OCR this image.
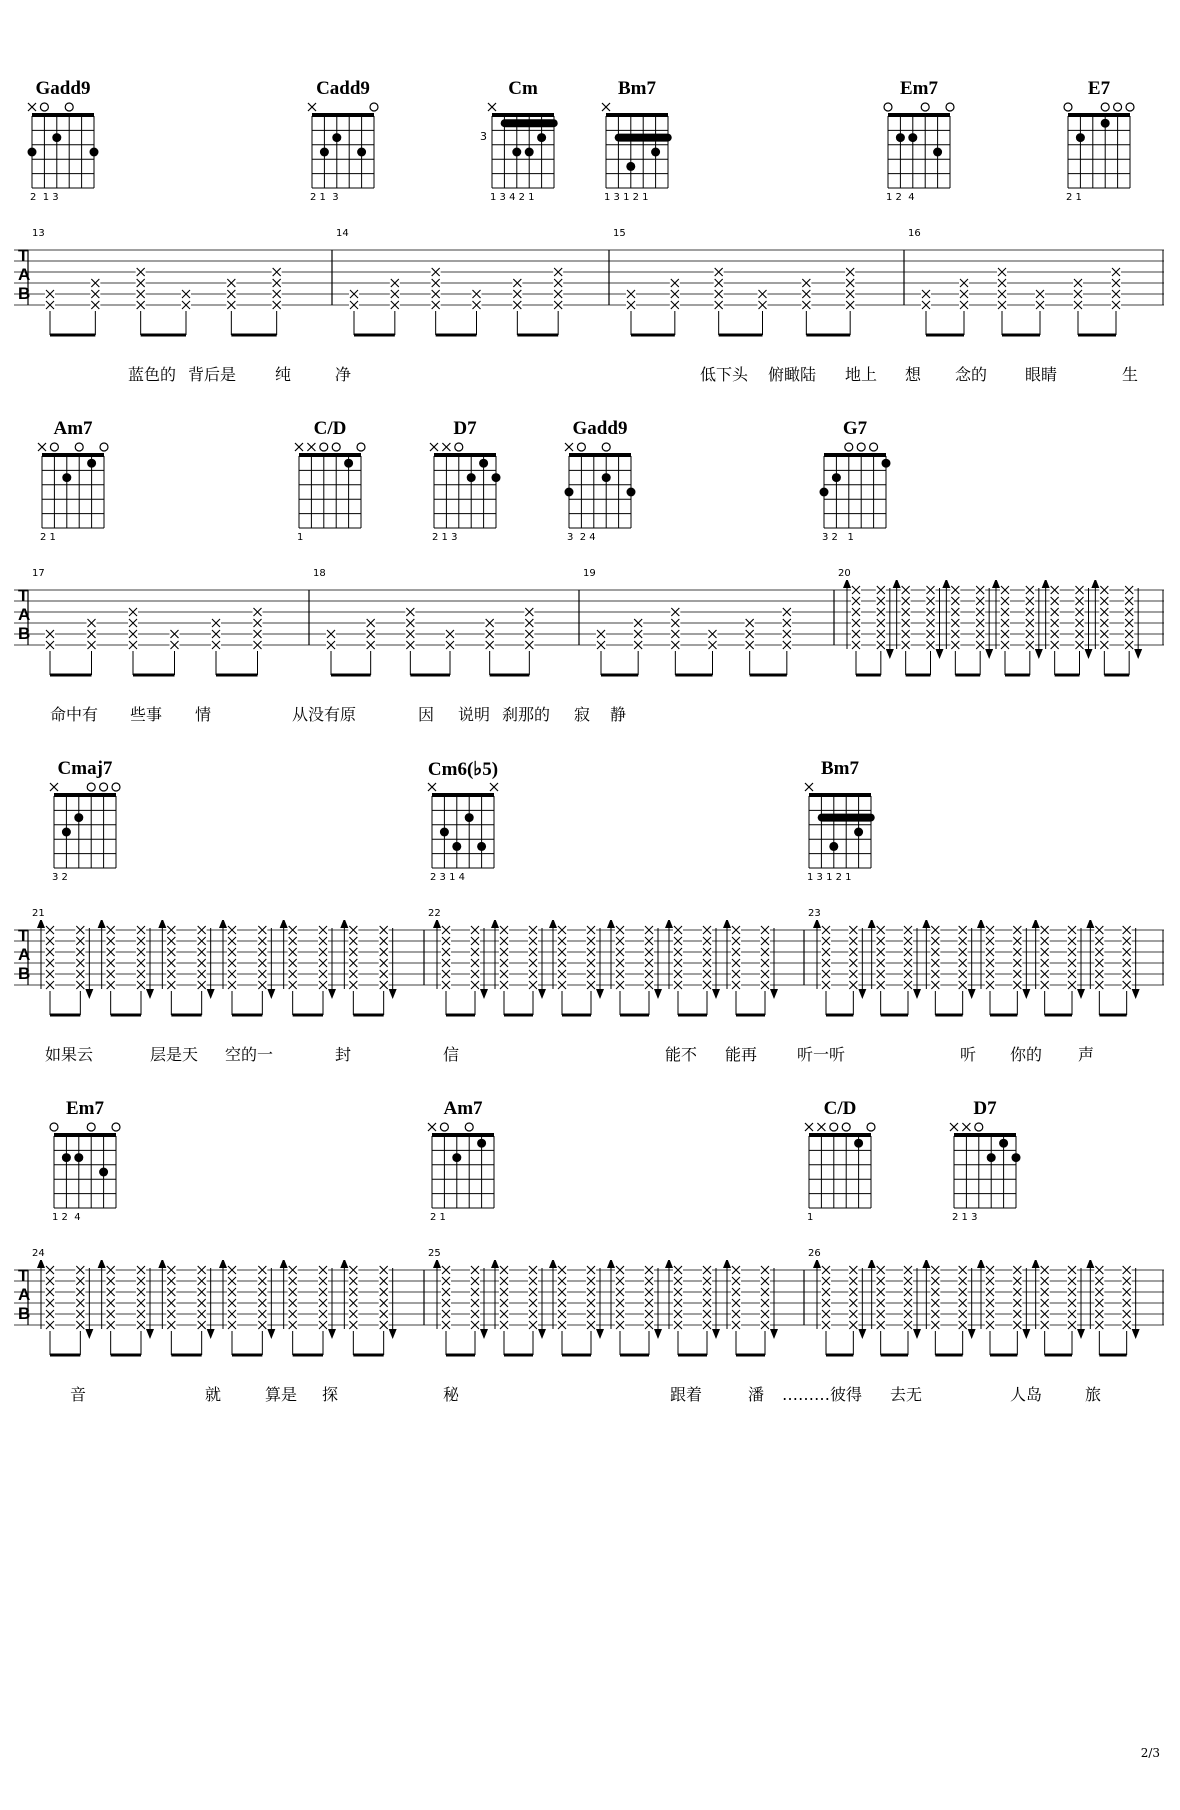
Gadd9
2  1 3
Cadd9
2 1  3
Cm
3
1 3 4 2 1
Bm7
1 3 1 2 1
Em7
1 2  4
E7
2 1
TAB
13	14	15	16
蓝色的 背后是 纯	净	低下头 俯瞰陆 地上 想 念的 眼睛	生
Am7
2 1
C/D
1
D7
2 1 3
Gadd9
3  2 4
G7
3 2   1
TAB
17	18	19	20
命中有 些事 情	从没有原	因 说明 刹那的 寂 静
Cmaj7
3 2
Cm6(♭5)
2 3 1 4
Bm7
1 3 1 2 1
TAB
21	22	23
如果云	层是天 空的一	封	信	能不 能再 听一听	听 你的 声
Em7
1 2  4
Am7
2 1
C/D
1
D7
2 1 3
TAB
24	25	26
音	就	算是 探	秘	跟着	潘 ………彼得 去无	人岛	旅
2/3
